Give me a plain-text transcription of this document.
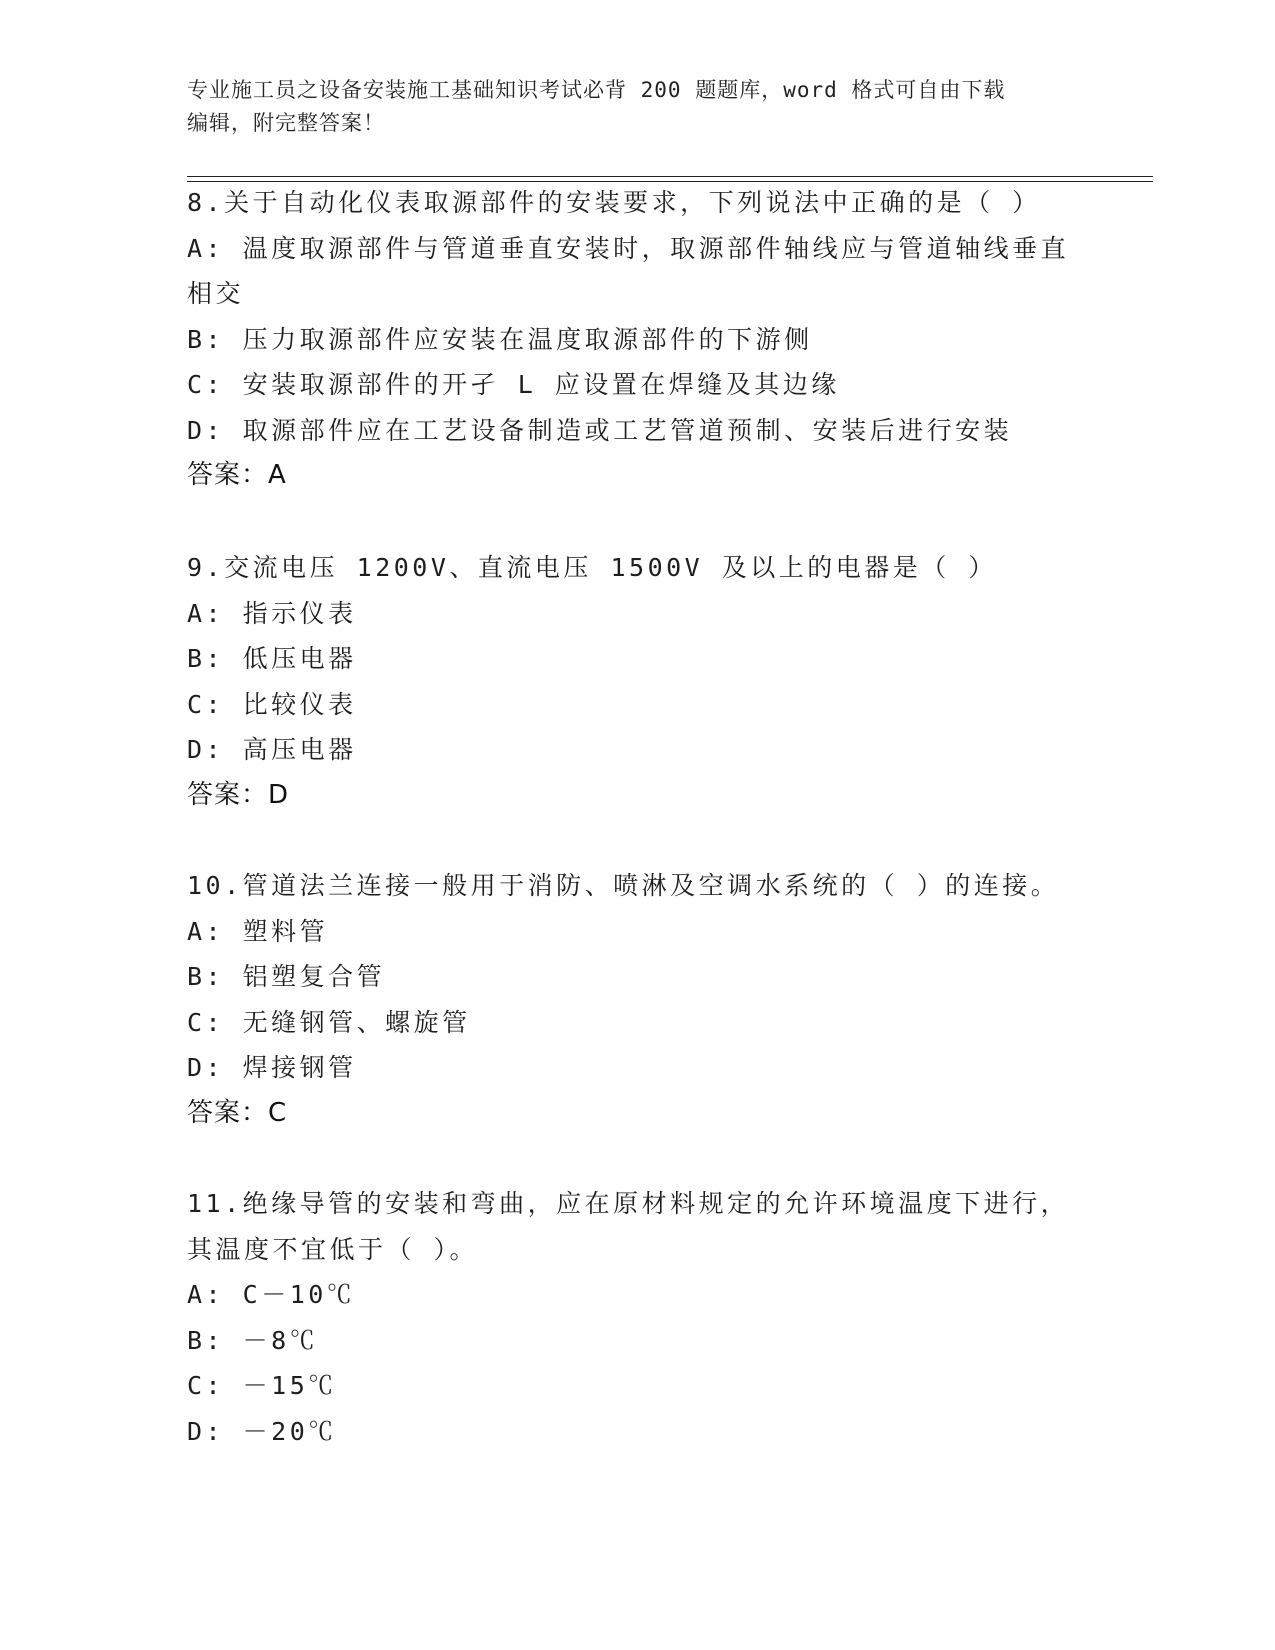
专业施工员之设备安装施工基础知识考试必背 200 题题库，word 格式可自由下载
编辑，附完整答案！
8.关于自动化仪表取源部件的安装要求，下列说法中正确的是（ ）
A: 温度取源部件与管道垂直安装时，取源部件轴线应与管道轴线垂直
相交
B: 压力取源部件应安装在温度取源部件的下游侧
C: 安装取源部件的开孑 L 应设置在焊缝及其边缘
D: 取源部件应在工艺设备制造或工艺管道预制、安装后进行安装
答案：A
9.交流电压 1200V、直流电压 1500V 及以上的电器是（ ）
A: 指示仪表
B: 低压电器
C: 比较仪表
D: 高压电器
答案：D
10.管道法兰连接一般用于消防、喷淋及空调水系统的（ ）的连接。
A: 塑料管
B: 铝塑复合管
C: 无缝钢管、螺旋管
D: 焊接钢管
答案：C
11.绝缘导管的安装和弯曲，应在原材料规定的允许环境温度下进行，
其温度不宜低于（ ）。
A: C－10℃
B: －8℃
C: －15℃
D: －20℃
